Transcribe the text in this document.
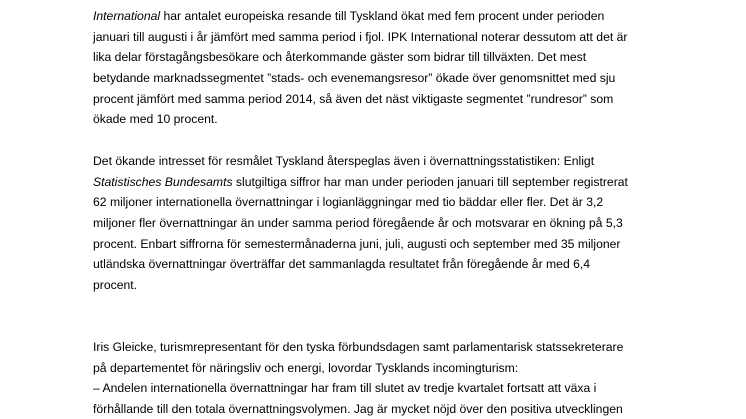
International har antalet europeiska resande till Tyskland ökat med fem procent under perioden
januari till augusti i år jämfört med samma period i fjol. IPK International noterar dessutom att det är
lika delar förstagångsbesökare och återkommande gäster som bidrar till tillväxten. Det mest
betydande marknadssegmentet ”stads- och evenemangsresor” ökade över genomsnittet med sju
procent jämfört med samma period 2014, så även det näst viktigaste segmentet ”rundresor” som
ökade med 10 procent.
Det ökande intresset för resmålet Tyskland återspeglas även i övernattningsstatistiken: Enligt
Statistisches Bundesamts slutgiltiga siffror har man under perioden januari till september registrerat
62 miljoner internationella övernattningar i logianläggningar med tio bäddar eller fler. Det är 3,2
miljoner fler övernattningar än under samma period föregående år och motsvarar en ökning på 5,3
procent. Enbart siffrorna för semestermånaderna juni, juli, augusti och september med 35 miljoner
utländska övernattningar överträffar det sammanlagda resultatet från föregående år med 6,4
procent.
Iris Gleicke, turismrepresentant för den tyska förbundsdagen samt parlamentarisk statssekreterare
på departementet för näringsliv och energi, lovordar Tysklands incomingturism:
– Andelen internationella övernattningar har fram till slutet av tredje kvartalet fortsatt att växa i
förhållande till den totala övernattningsvolymen. Jag är mycket nöjd över den positiva utvecklingen
